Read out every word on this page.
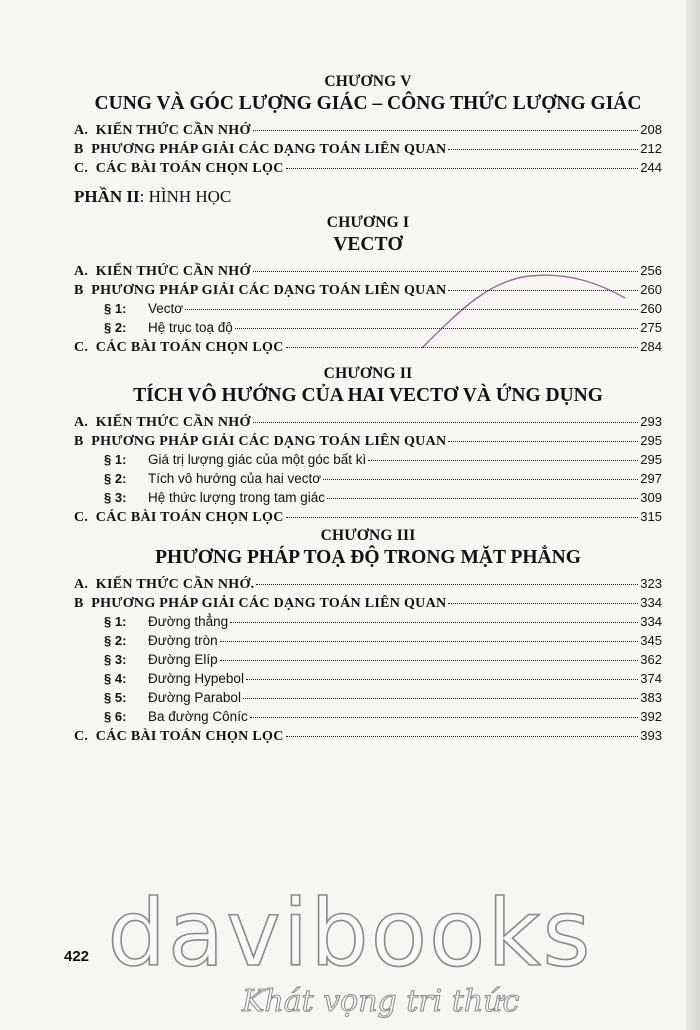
CHƯƠNG V
CUNG VÀ GÓC LƯỢNG GIÁC – CÔNG THỨC LƯỢNG GIÁC
A.  KIẾN THỨC CẦN NHỚ	208
B  PHƯƠNG PHÁP GIẢI CÁC DẠNG TOÁN LIÊN QUAN	212
C.  CÁC BÀI TOÁN CHỌN LỌC	244
PHẦN II: HÌNH HỌC
CHƯƠNG I
VECTƠ
A.  KIẾN THỨC CẦN NHỚ	256
B  PHƯƠNG PHÁP GIẢI CÁC DẠNG TOÁN LIÊN QUAN	260
§ 1:	Vectơ	260
§ 2:	Hệ trục toạ độ	275
C.  CÁC BÀI TOÁN CHỌN LỌC	284
CHƯƠNG II
TÍCH VÔ HƯỚNG CỦA HAI VECTƠ VÀ ỨNG DỤNG
A.  KIẾN THỨC CẦN NHỚ	293
B  PHƯƠNG PHÁP GIẢI CÁC DẠNG TOÁN LIÊN QUAN	295
§ 1:	Giá trị lượng giác của một góc bất kì	295
§ 2:	Tích vô hướng của hai vectơ	297
§ 3:	Hệ thức lượng trong tam giác	309
C.  CÁC BÀI TOÁN CHỌN LỌC	315
CHƯƠNG III
PHƯƠNG PHÁP TOẠ ĐỘ TRONG MẶT PHẲNG
A.  KIẾN THỨC CẦN NHỚ.	323
B  PHƯƠNG PHÁP GIẢI CÁC DẠNG TOÁN LIÊN QUAN	334
§ 1:	Đường thẳng	334
§ 2:	Đường tròn	345
§ 3:	Đường Elíp	362
§ 4:	Đường Hypebol	374
§ 5:	Đường Parabol	383
§ 6:	Ba đường Côníc	392
C.  CÁC BÀI TOÁN CHỌN LỌC	393
422 davibooks
Khát vọng tri thức
